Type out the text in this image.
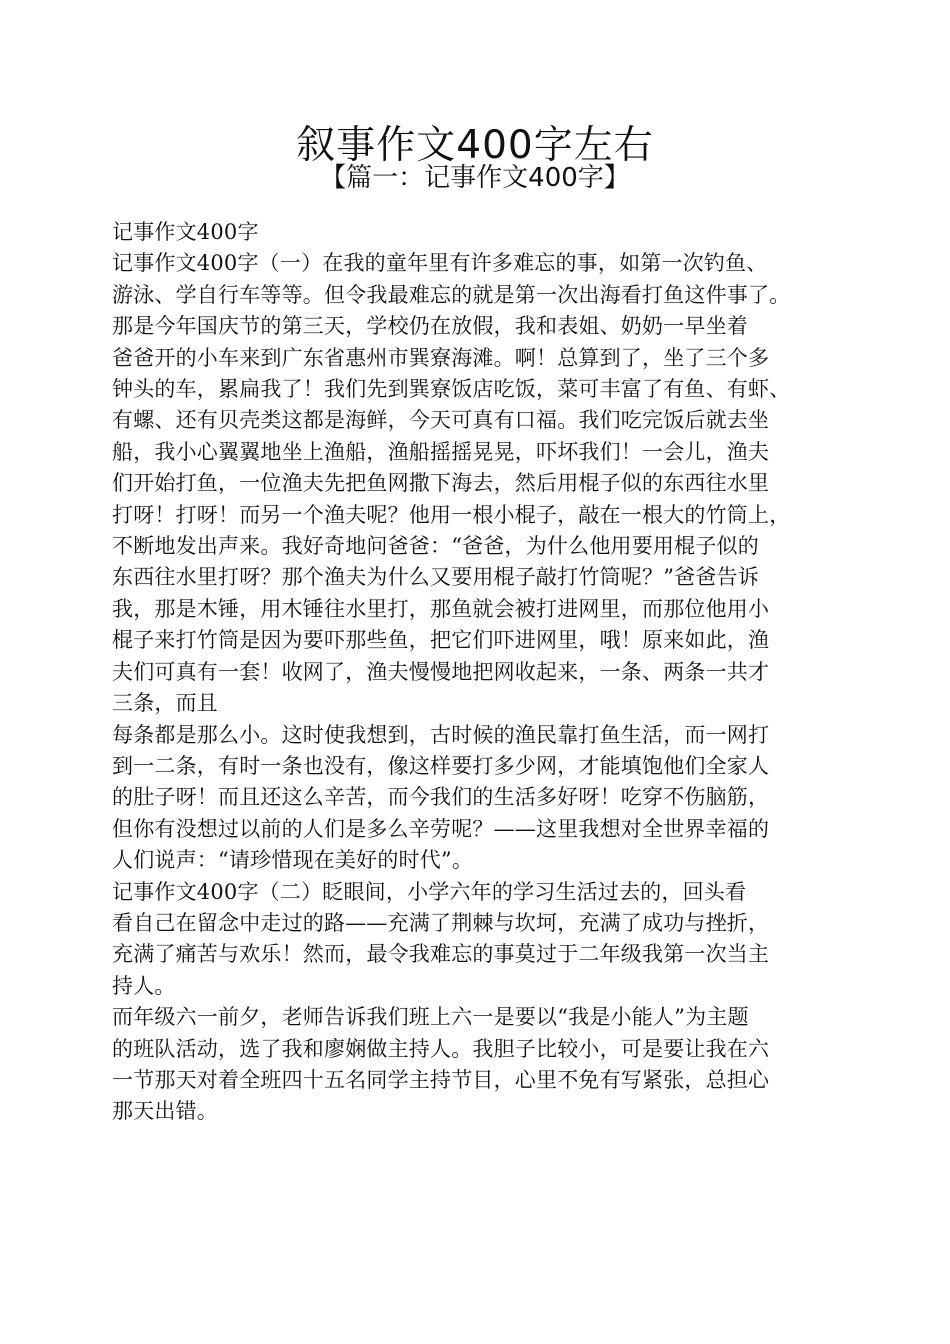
叙事作文400字左右
【篇一：记事作文400字】
记事作文400字
记事作文400字（一）在我的童年里有许多难忘的事，如第一次钓鱼、
游泳、学自行车等等。但令我最难忘的就是第一次出海看打鱼这件事了。
那是今年国庆节的第三天，学校仍在放假，我和表姐、奶奶一早坐着
爸爸开的小车来到广东省惠州市巽寮海滩。啊！总算到了，坐了三个多
钟头的车，累扁我了！我们先到巽寮饭店吃饭，菜可丰富了有鱼、有虾、
有螺、还有贝壳类这都是海鲜，今天可真有口福。我们吃完饭后就去坐
船，我小心翼翼地坐上渔船，渔船摇摇晃晃，吓坏我们！一会儿，渔夫
们开始打鱼，一位渔夫先把鱼网撒下海去，然后用棍子似的东西往水里
打呀！打呀！而另一个渔夫呢？他用一根小棍子，敲在一根大的竹筒上，
不断地发出声来。我好奇地问爸爸：“爸爸，为什么他用要用棍子似的
东西往水里打呀？那个渔夫为什么又要用棍子敲打竹筒呢？”爸爸告诉
我，那是木锤，用木锤往水里打，那鱼就会被打进网里，而那位他用小
棍子来打竹筒是因为要吓那些鱼，把它们吓进网里，哦！原来如此，渔
夫们可真有一套！收网了，渔夫慢慢地把网收起来，一条、两条一共才
三条，而且
每条都是那么小。这时使我想到，古时候的渔民靠打鱼生活，而一网打
到一二条，有时一条也没有，像这样要打多少网，才能填饱他们全家人
的肚子呀！而且还这么辛苦，而今我们的生活多好呀！吃穿不伤脑筋，
但你有没想过以前的人们是多么辛劳呢？——这里我想对全世界幸福的
人们说声：“请珍惜现在美好的时代”。
记事作文400字（二）眨眼间，小学六年的学习生活过去的，回头看
看自己在留念中走过的路——充满了荆棘与坎坷，充满了成功与挫折，
充满了痛苦与欢乐！然而，最令我难忘的事莫过于二年级我第一次当主
持人。
而年级六一前夕，老师告诉我们班上六一是要以“我是小能人”为主题
的班队活动，选了我和廖娴做主持人。我胆子比较小，可是要让我在六
一节那天对着全班四十五名同学主持节目，心里不免有写紧张，总担心
那天出错。
